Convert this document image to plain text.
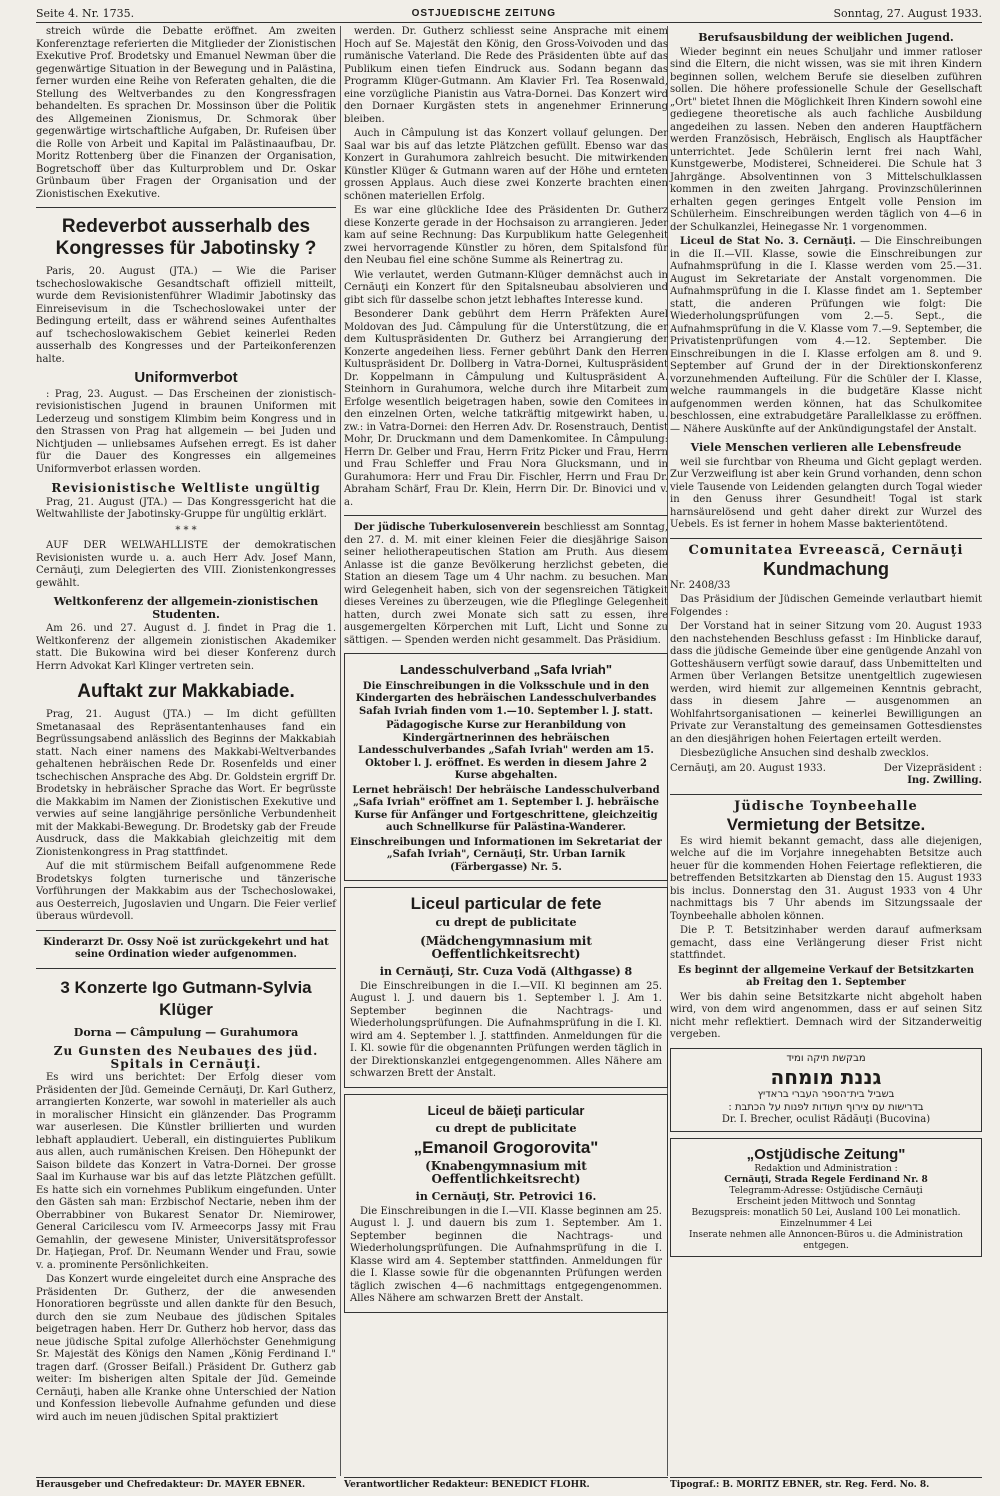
Seite 4. Nr. 1735.	OSTJUEDISCHE ZEITUNG	Sonntag, 27. August 1933.

streich würde die Debatte eröffnet. Am zweiten Konferenztage referierten die Mitglieder der Zionistischen Exekutive Prof. Brodetsky und Emanuel Newman über die gegenwärtige Situation in der Bewegung und in Palästina, ferner wurden eine Reihe von Referaten gehalten, die die Stellung des Weltverbandes zu den Kongressfragen behandelten. Es sprachen Dr. Mossinson über die Politik des Allgemeinen Zionismus, Dr. Schmorak über gegenwärtige wirtschaftliche Aufgaben, Dr. Rufeisen über die Rolle von Arbeit und Kapital im Palästinaaufbau, Dr. Moritz Rottenberg über die Finanzen der Organisation, Bogretschoff über das Kulturproblem und Dr. Oskar Grünbaum über Fragen der Organisation und der Zionistischen Exekutive.

Redeverbot ausserhalb des Kongresses für Jabotinsky ?

Paris, 20. August (JTA.) — Wie die Pariser tschechoslowakische Gesandtschaft offiziell mitteilt, wurde dem Revisionistenführer Wladimir Jabotinsky das Einreisevisum in die Tschechoslowakei unter der Bedingung erteilt, dass er während seines Aufenthaltes auf tschechoslowakischem Gebiet keinerlei Reden ausserhalb des Kongresses und der Parteikonferenzen halte.

Uniformverbot

: Prag, 23. August. — Das Erscheinen der zionistisch-revisionistischen Jugend in braunen Uniformen mit Lederzeug und sonstigem Klimbim beim Kongress und in den Strassen von Prag hat allgemein — bei Juden und Nichtjuden — unliebsames Aufsehen erregt. Es ist daher für die Dauer des Kongresses ein allgemeines Uniformverbot erlassen worden.

Revisionistische Weltliste ungültig

Prag, 21. August (JTA.) — Das Kongressgericht hat die Weltwahlliste der Jabotinsky-Gruppe für ungültig erklärt.

* * *

AUF DER WELWAHLLISTE der demokratischen Revisionisten wurde u. a. auch Herr Adv. Josef Mann, Cernăuţi, zum Delegierten des VIII. Zionistenkongresses gewählt.

Weltkonferenz der allgemein-zionistischen Studenten.

Am 26. und 27. August d. J. findet in Prag die 1. Weltkonferenz der allgemein zionistischen Akademiker statt. Die Bukowina wird bei dieser Konferenz durch Herrn Advokat Karl Klinger vertreten sein.

Auftakt zur Makkabiade.

Prag, 21. August (JTA.) — Im dicht gefüllten Smetanasaal des Repräsentantenhauses fand ein Begrüssungsabend anlässlich des Beginns der Makkabiah statt. Nach einer namens des Makkabi-Weltverbandes gehaltenen hebräischen Rede Dr. Rosenfelds und einer tschechischen Ansprache des Abg. Dr. Goldstein ergriff Dr. Brodetsky in hebräischer Sprache das Wort. Er begrüsste die Makkabim im Namen der Zionistischen Exekutive und verwies auf seine langjährige persönliche Verbundenheit mit der Makkabi-Bewegung. Dr. Brodetsky gab der Freude Ausdruck, dass die Makkabiah gleichzeitig mit dem Zionistenkongress in Prag stattfindet.

Auf die mit stürmischem Beifall aufgenommene Rede Brodetskys folgten turnerische und tänzerische Vorführungen der Makkabim aus der Tschechoslowakei, aus Oesterreich, Jugoslavien und Ungarn. Die Feier verlief überaus würdevoll.

Kinderarzt Dr. Ossy Noë ist zurückgekehrt und hat seine Ordination wieder aufgenommen.

3 Konzerte Igo Gutmann-Sylvia Klüger
Dorna — Câmpulung — Gurahumora
Zu Gunsten des Neubaues des jüd. Spitals in Cernăuţi.

Es wird uns berichtet: Der Erfolg dieser vom Präsidenten der Jüd. Gemeinde Cernăuţi, Dr. Karl Gutherz, arrangierten Konzerte, war sowohl in materieller als auch in moralischer Hinsicht ein glänzender. Das Programm war auserlesen. Die Künstler brillierten und wurden lebhaft applaudiert. Ueberall, ein distinguiertes Publikum aus allen, auch rumänischen Kreisen. Den Höhepunkt der Saison bildete das Konzert in Vatra-Dornei. Der grosse Saal im Kurhause war bis auf das letzte Plätzchen gefüllt. Es hatte sich ein vornehmes Publikum eingefunden. Unter den Gästen sah man: Erzbischof Nectarie, neben ihm der Oberrabbiner von Bukarest Senator Dr. Niemirower, General Caricilescu vom IV. Armeecorps Jassy mit Frau Gemahlin, der gewesene Minister, Universitätsprofessor Dr. Haţiegan, Prof. Dr. Neumann Wender und Frau, sowie v. a. prominente Persönlichkeiten.

Das Konzert wurde eingeleitet durch eine Ansprache des Präsidenten Dr. Gutherz, der die anwesenden Honoratioren begrüsste und allen dankte für den Besuch, durch den sie zum Neubaue des jüdischen Spitales beigetragen haben. Herr Dr. Gutherz hob hervor, dass das neue jüdische Spital zufolge Allerhöchster Genehmigung Sr. Majestät des Königs den Namen „König Ferdinand I." tragen darf. (Grosser Beifall.) Präsident Dr. Gutherz gab weiter: Im bisherigen alten Spitale der Jüd. Gemeinde Cernăuţi, haben alle Kranke ohne Unterschied der Nation und Konfession liebevolle Aufnahme gefunden und diese wird auch im neuen jüdischen Spital praktiziert

Herausgeber und Chefredakteur: Dr. MAYER EBNER.

werden. Dr. Gutherz schliesst seine Ansprache mit einem Hoch auf Se. Majestät den König, den Gross-Voivoden und das rumänische Vaterland. Die Rede des Präsidenten übte auf das Publikum einen tiefen Eindruck aus. Sodann begann das Programm Klüger-Gutmann. Am Klavier Frl. Tea Rosenwald, eine vorzügliche Pianistin aus Vatra-Dornei. Das Konzert wird den Dornaer Kurgästen stets in angenehmer Erinnerung bleiben.

Auch in Câmpulung ist das Konzert vollauf gelungen. Der Saal war bis auf das letzte Plätzchen gefüllt. Ebenso war das Konzert in Gurahumora zahlreich besucht. Die mitwirkenden Künstler Klüger & Gutmann waren auf der Höhe und ernteten grossen Applaus. Auch diese zwei Konzerte brachten einen schönen materiellen Erfolg.

Es war eine glückliche Idee des Präsidenten Dr. Gutherz diese Konzerte gerade in der Hochsaison zu arrangieren. Jeder kam auf seine Rechnung: Das Kurpublikum hatte Gelegenheit zwei hervorragende Künstler zu hören, dem Spitalsfond für den Neubau fiel eine schöne Summe als Reinertrag zu.

Wie verlautet, werden Gutmann-Klüger demnächst auch in Cernăuţi ein Konzert für den Spitalsneubau absolvieren und gibt sich für dasselbe schon jetzt lebhaftes Interesse kund.

Besonderer Dank gebührt dem Herrn Präfekten Aurel Moldovan des Jud. Câmpulung für die Unterstützung, die er dem Kultuspräsidenten Dr. Gutherz bei Arrangierung der Konzerte angedeihen liess. Ferner gebührt Dank den Herren Kultuspräsident Dr. Dollberg in Vatra-Dornei, Kultuspräsident Dr. Koppelmann in Câmpulung und Kultuspräsident A. Steinhorn in Gurahumora, welche durch ihre Mitarbeit zum Erfolge wesentlich beigetragen haben, sowie den Comitees in den einzelnen Orten, welche tatkräftig mitgewirkt haben, u. zw.: in Vatra-Dornei: den Herren Adv. Dr. Rosenstrauch, Dentist Mohr, Dr. Druckmann und dem Damenkomitee. In Câmpulung: Herrn Dr. Gelber und Frau, Herrn Fritz Picker und Frau, Herrn und Frau Schleffer und Frau Nora Glucksmann, und in Gurahumora: Herr und Frau Dir. Fischler, Herrn und Frau Dr. Abraham Schärf, Frau Dr. Klein, Herrn Dir. Dr. Binovici und v. a.

Der jüdische Tuberkulosenverein beschliesst am Sonntag, den 27. d. M. mit einer kleinen Feier die diesjährige Saison seiner heliotherapeutischen Station am Pruth. Aus diesem Anlasse ist die ganze Bevölkerung herzlichst gebeten, die Station an diesem Tage um 4 Uhr nachm. zu besuchen. Man wird Gelegenheit haben, sich von der segensreichen Tätigkeit dieses Vereines zu überzeugen, wie die Pfleglinge Gelegenheit hatten, durch zwei Monate sich satt zu essen, ihre ausgemergelten Körperchen mit Luft, Licht und Sonne zu sättigen. — Spenden werden nicht gesammelt. Das Präsidium.

Landesschulverband „Safa Ivriah"

Die Einschreibungen in die Volksschule und in den Kindergarten des hebräischen Landesschulverbandes Safah Ivriah finden vom 1.—10. September l. J. statt.

Pädagogische Kurse zur Heranbildung von Kindergärtnerinnen des hebräischen Landesschulverbandes „Safah Ivriah" werden am 15. Oktober l. J. eröffnet. Es werden in diesem Jahre 2 Kurse abgehalten.

Lernet hebräisch! Der hebräische Landesschulverband „Safa Ivriah" eröffnet am 1. September l. J. hebräische Kurse für Anfänger und Fortgeschrittene, gleichzeitig auch Schnellkurse für Palästina-Wanderer.

Einschreibungen und Informationen im Sekretariat der „Safah Ivriah", Cernăuţi, Str. Urban Iarnik (Färbergasse) Nr. 5.

Liceul particular de fete
cu drept de publicitate
(Mädchengymnasium mit Oeffentlichkeitsrecht)
in Cernăuţi, Str. Cuza Vodă (Althgasse) 8

Die Einschreibungen in die I.—VII. Kl beginnen am 25. August l. J. und dauern bis 1. September l. J. Am 1. September beginnen die Nachtrags- und Wiederholungsprüfungen. Die Aufnahmsprüfung in die I. Kl. wird am 4. September l. J. stattfinden. Anmeldungen für die I. Kl. sowie für die obgenannten Prüfungen werden täglich in der Direktionskanzlei entgegengenommen. Alles Nähere am schwarzen Brett der Anstalt.

Liceul de băieţi particular
cu drept de publicitate
„Emanoil Grogorovita"
(Knabengymnasium mit Oeffentlichkeitsrecht)
in Cernăuţi, Str. Petrovici 16.

Die Einschreibungen in die I.—VII. Klasse beginnen am 25. August l. J. und dauern bis zum 1. September. Am 1. September beginnen die Nachtrags- und Wiederholungsprüfungen. Die Aufnahmsprüfung in die I. Klasse wird am 4. September stattfinden. Anmeldungen für die I. Klasse sowie für die obgenannten Prüfungen werden täglich zwischen 4—6 nachmittags entgegengenommen. Alles Nähere am schwarzen Brett der Anstalt.

Verantwortlicher Redakteur: BENEDICT FLOHR.
Berufsausbildung der weiblichen Jugend.

Wieder beginnt ein neues Schuljahr und immer ratloser sind die Eltern, die nicht wissen, was sie mit ihren Kindern beginnen sollen, welchem Berufe sie dieselben zuführen sollen. Die höhere professionelle Schule der Gesellschaft „Ort" bietet Ihnen die Möglichkeit Ihren Kindern sowohl eine gediegene theoretische als auch fachliche Ausbildung angedeihen zu lassen. Neben den anderen Hauptfächern werden Französisch, Hebräisch, Englisch als Hauptfächer unterrichtet. Jede Schülerin lernt frei nach Wahl, Kunstgewerbe, Modisterei, Schneiderei. Die Schule hat 3 Jahrgänge. Absolventinnen von 3 Mittelschulklassen kommen in den zweiten Jahrgang. Provinzschülerinnen erhalten gegen geringes Entgelt volle Pension im Schülerheim. Einschreibungen werden täglich von 4—6 in der Schulkanzlei, Heinegasse Nr. 1 vorgenommen.

Liceul de Stat No. 3. Cernăuţi. — Die Einschreibungen in die II.—VII. Klasse, sowie die Einschreibungen zur Aufnahmsprüfung in die I. Klasse werden vom 25.—31. August im Sekretariate der Anstalt vorgenommen. Die Aufnahmsprüfung in die I. Klasse findet am 1. September statt, die anderen Prüfungen wie folgt: Die Wiederholungsprüfungen vom 2.—5. Sept., die Aufnahmsprüfung in die V. Klasse vom 7.—9. September, die Privatistenprüfungen vom 4.—12. September. Die Einschreibungen in die I. Klasse erfolgen am 8. und 9. September auf Grund der in der Direktionskonferenz vorzunehmenden Aufteilung. Für die Schüler der I. Klasse, welche raummangels in die budgetäre Klasse nicht aufgenommen werden können, hat das Schulkomitee beschlossen, eine extrabudgetäre Parallelklasse zu eröffnen. — Nähere Auskünfte auf der Ankündigungstafel der Anstalt.

Viele Menschen verlieren alle Lebensfreude

weil sie furchtbar von Rheuma und Gicht geplagt werden. Zur Verzweiflung ist aber kein Grund vorhanden, denn schon viele Tausende von Leidenden gelangten durch Togal wieder in den Genuss ihrer Gesundheit! Togal ist stark harnsäurelösend und geht daher direkt zur Wurzel des Uebels. Es ist ferner in hohem Masse bakterientötend.

Comunitatea Evreească, Cernăuţi
Kundmachung

Nr. 2408/33

Das Präsidium der Jüdischen Gemeinde verlautbart hiemit Folgendes :

Der Vorstand hat in seiner Sitzung vom 20. August 1933 den nachstehenden Beschluss gefasst : Im Hinblicke darauf, dass die jüdische Gemeinde über eine genügende Anzahl von Gotteshäusern verfügt sowie darauf, dass Unbemittelten und Armen über Verlangen Betsitze unentgeltlich zugewiesen werden, wird hiemit zur allgemeinen Kenntnis gebracht, dass in diesem Jahre — ausgenommen an Wohlfahrtsorganisationen — keinerlei Bewilligungen an Private zur Veranstaltung des gemeinsamen Gottesdienstes an den diesjährigen hohen Feiertagen erteilt werden.

Diesbezügliche Ansuchen sind deshalb zwecklos.

Cernăuţi, am 20. August 1933.	Der Vizepräsident :
Ing. Zwilling.
Jüdische Toynbeehalle
Vermietung der Betsitze.

Es wird hiemit bekannt gemacht, dass alle diejenigen, welche auf die im Vorjahre innegehabten Betsitze auch heuer für die kommenden Hohen Feiertage reflektieren, die betreffenden Betsitzkarten ab Dienstag den 15. August 1933 bis inclus. Donnerstag den 31. August 1933 von 4 Uhr nachmittags bis 7 Uhr abends im Sitzungssaale der Toynbeehalle abholen können.

Die P. T. Betsitzinhaber werden darauf aufmerksam gemacht, dass eine Verlängerung dieser Frist nicht stattfindet.

Es beginnt der allgemeine Verkauf der Betsitzkarten ab Freitag den 1. September

Wer bis dahin seine Betsitzkarte nicht abgeholt haben wird, von dem wird angenommen, dass er auf seinen Sitz nicht mehr reflektiert. Demnach wird der Sitzanderweitig vergeben.

מבקשת תיקה ומיד
גננת מומחה
בשביל בית־הספר העברי בראדיץ
בדרישות עם צירוף תעודות לפנות על הכתבת :
Dr. I. Brecher, oculist Rădăuţi (Bucovina)
„Ostjüdische Zeitung"
Redaktion und Administration :
Cernăuţi, Strada Regele Ferdinand Nr. 8
Telegramm-Adresse: Ostjüdische Cernăuţi
Erscheint jeden Mittwoch und Sonntag
Bezugspreis: monatlich 50 Lei, Ausland 100 Lei monatlich. Einzelnummer 4 Lei
Inserate nehmen alle Annoncen-Büros u. die Administration entgegen.
Tipograf.: B. MORITZ EBNER, str. Reg. Ferd. No. 8.
